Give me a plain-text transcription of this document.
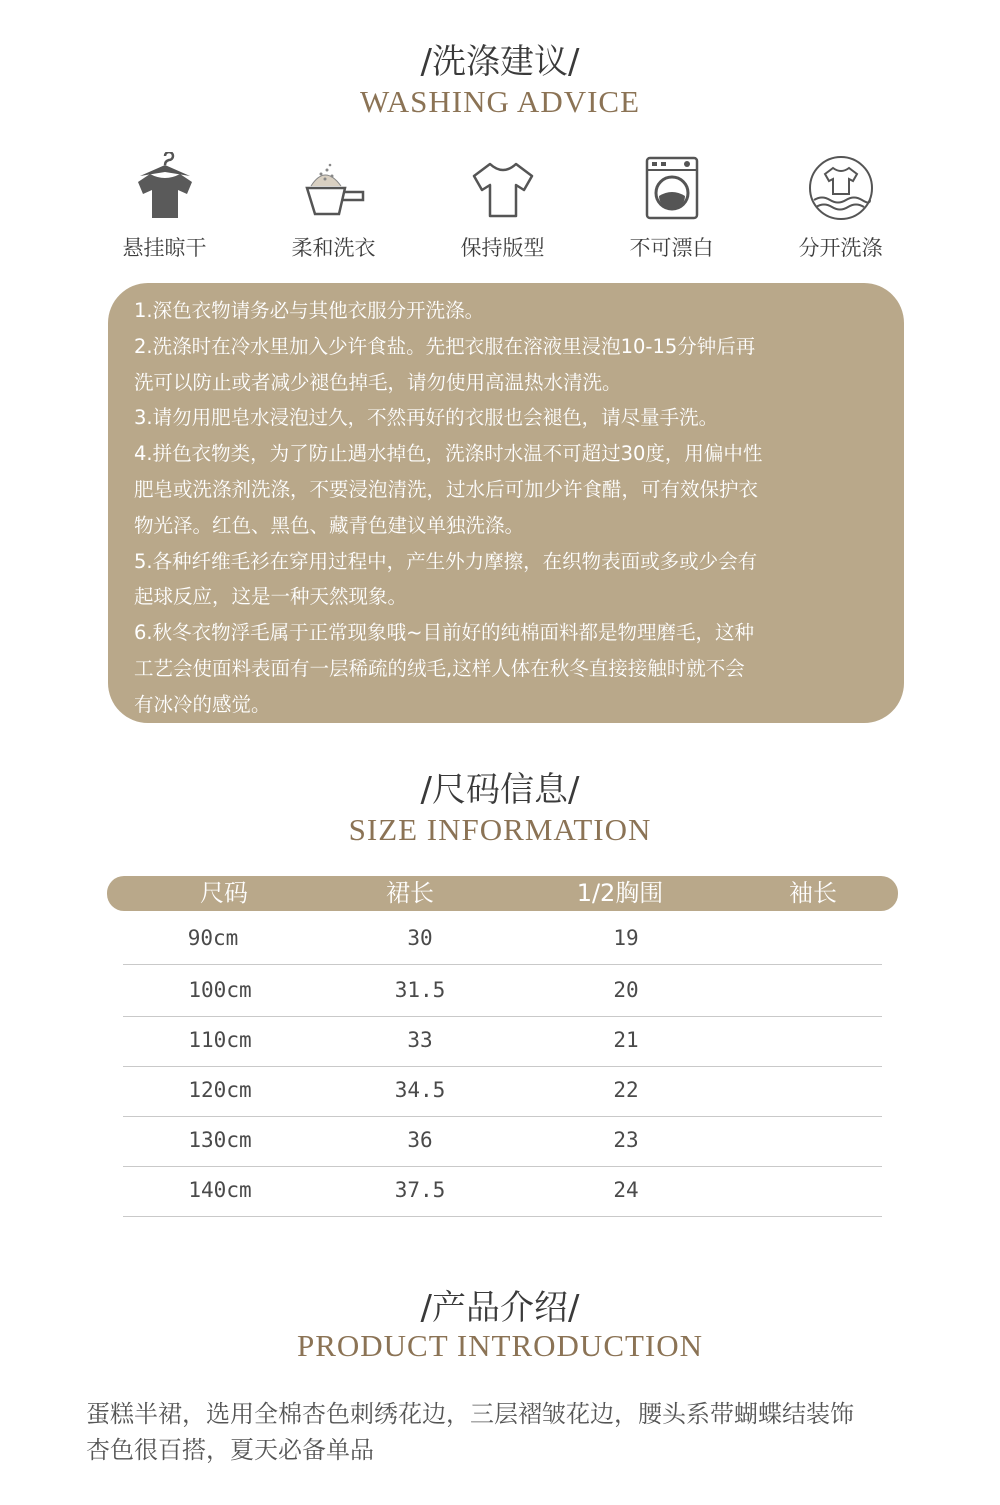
/洗涤建议/
WASHING ADVICE
悬挂晾干	柔和洗衣	保持版型	不可漂白	分开洗涤
1.深色衣物请务必与其他衣服分开洗涤。
2.洗涤时在冷水里加入少许食盐。先把衣服在溶液里浸泡10-15分钟后再
洗可以防止或者减少褪色掉毛，请勿使用高温热水清洗。
3.请勿用肥皂水浸泡过久，不然再好的衣服也会褪色，请尽量手洗。
4.拼色衣物类，为了防止遇水掉色，洗涤时水温不可超过30度，用偏中性
肥皂或洗涤剂洗涤，不要浸泡清洗，过水后可加少许食醋，可有效保护衣
物光泽。红色、黑色、藏青色建议单独洗涤。
5.各种纤维毛衫在穿用过程中，产生外力摩擦，在织物表面或多或少会有
起球反应，这是一种天然现象。
6.秋冬衣物浮毛属于正常现象哦~目前好的纯棉面料都是物理磨毛，这种
工艺会使面料表面有一层稀疏的绒毛,这样人体在秋冬直接接触时就不会
有冰冷的感觉。
/尺码信息/
SIZE INFORMATION
尺码	裙长	1/2胸围	袖长
90cm	30	19
100cm	31.5	20
110cm	33	21
120cm	34.5	22
130cm	36	23
140cm	37.5	24
/产品介绍/
PRODUCT INTRODUCTION
蛋糕半裙，选用全棉杏色刺绣花边，三层褶皱花边，腰头系带蝴蝶结装饰
杏色很百搭，夏天必备单品
